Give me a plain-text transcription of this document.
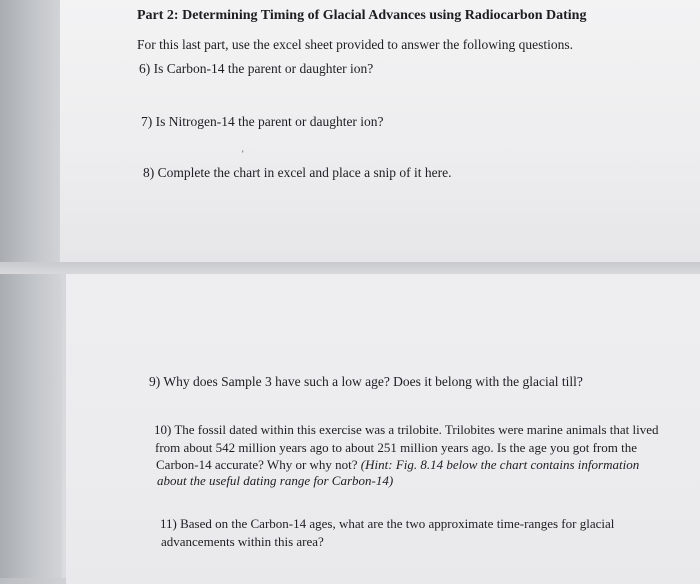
Part 2: Determining Timing of Glacial Advances using Radiocarbon Dating
For this last part, use the excel sheet provided to answer the following questions.
6) Is Carbon-14 the parent or daughter ion?
7) Is Nitrogen-14 the parent or daughter ion?
'
8) Complete the chart in excel and place a snip of it here.
9) Why does Sample 3 have such a low age? Does it belong with the glacial till?
10) The fossil dated within this exercise was a trilobite. Trilobites were marine animals that lived
from about 542 million years ago to about 251 million years ago. Is the age you got from the
Carbon-14 accurate? Why or why not? (Hint: Fig. 8.14 below the chart contains information
about the useful dating range for Carbon-14)
11) Based on the Carbon-14 ages, what are the two approximate time-ranges for glacial
advancements within this area?
